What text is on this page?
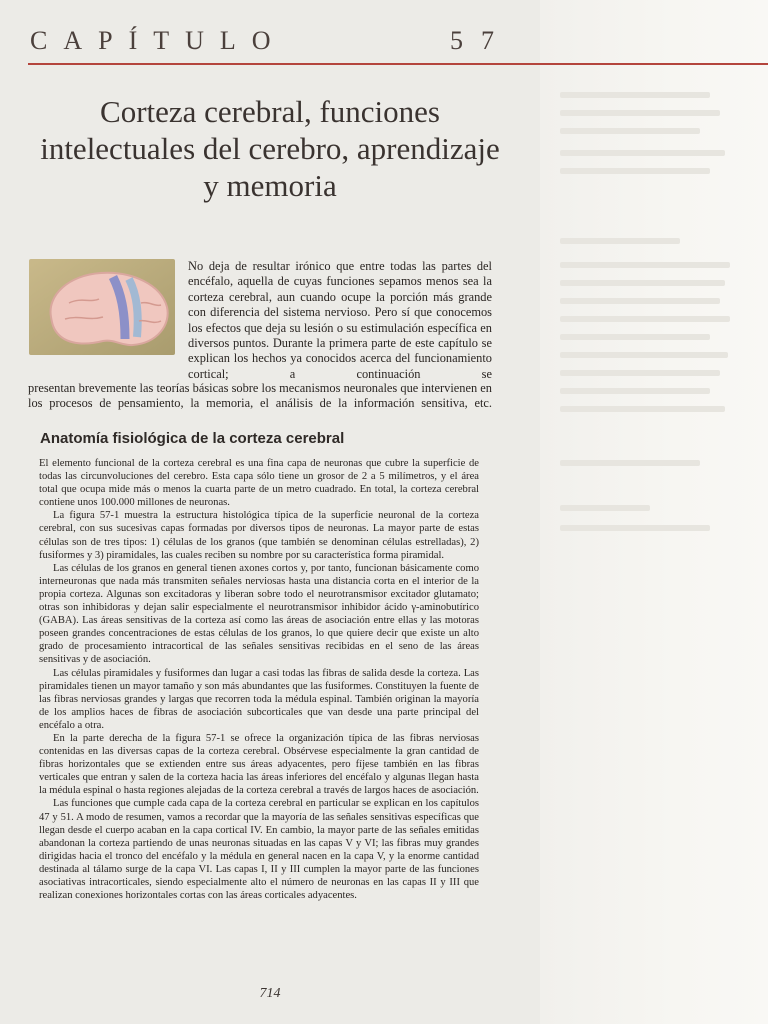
CAPÍTULO	57
Corteza cerebral, funciones intelectuales del cerebro, aprendizaje y memoria

No deja de resultar irónico que entre todas las partes del encéfalo, aquella de cuyas funciones sepamos menos sea la corteza cerebral, aun cuando ocupe la porción más grande con diferencia del sistema nervioso. Pero sí que conocemos los efectos que deja su lesión o su estimulación específica en diversos puntos. Durante la primera parte de este capítulo se explican los hechos ya conocidos acerca del funcionamiento cortical; a continuación se

presentan brevemente las teorías básicas sobre los mecanismos neuronales que intervienen en los procesos de pensamiento, la memoria, el análisis de la información sensitiva, etc.

Anatomía fisiológica de la corteza cerebral

El elemento funcional de la corteza cerebral es una fina capa de neuronas que cubre la superficie de todas las circunvoluciones del cerebro. Esta capa sólo tiene un grosor de 2 a 5 milímetros, y el área total que ocupa mide más o menos la cuarta parte de un metro cuadrado. En total, la corteza cerebral contiene unos 100.000 millones de neuronas.

La figura 57-1 muestra la estructura histológica típica de la superficie neuronal de la corteza cerebral, con sus sucesivas capas formadas por diversos tipos de neuronas. La mayor parte de estas células son de tres tipos: 1) células de los granos (que también se denominan células estrelladas), 2) fusiformes y 3) piramidales, las cuales reciben su nombre por su característica forma piramidal.

Las células de los granos en general tienen axones cortos y, por tanto, funcionan básicamente como interneuronas que nada más transmiten señales nerviosas hasta una distancia corta en el interior de la propia corteza. Algunas son excitadoras y liberan sobre todo el neurotransmisor excitador glutamato; otras son inhibidoras y dejan salir especialmente el neurotransmisor inhibidor ácido γ-aminobutírico (GABA). Las áreas sensitivas de la corteza así como las áreas de asociación entre ellas y las motoras poseen grandes concentraciones de estas células de los granos, lo que quiere decir que existe un alto grado de procesamiento intracortical de las señales sensitivas recibidas en el seno de las áreas sensitivas y de asociación.

Las células piramidales y fusiformes dan lugar a casi todas las fibras de salida desde la corteza. Las piramidales tienen un mayor tamaño y son más abundantes que las fusiformes. Constituyen la fuente de las fibras nerviosas grandes y largas que recorren toda la médula espinal. También originan la mayoría de los amplios haces de fibras de asociación subcorticales que van desde una parte principal del encéfalo a otra.

En la parte derecha de la figura 57-1 se ofrece la organización típica de las fibras nerviosas contenidas en las diversas capas de la corteza cerebral. Obsérvese especialmente la gran cantidad de fibras horizontales que se extienden entre sus áreas adyacentes, pero fíjese también en las fibras verticales que entran y salen de la corteza hacia las áreas inferiores del encéfalo y algunas llegan hasta la médula espinal o hasta regiones alejadas de la corteza cerebral a través de largos haces de asociación.

Las funciones que cumple cada capa de la corteza cerebral en particular se explican en los capítulos 47 y 51. A modo de resumen, vamos a recordar que la mayoría de las señales sensitivas específicas que llegan desde el cuerpo acaban en la capa cortical IV. En cambio, la mayor parte de las señales emitidas abandonan la corteza partiendo de unas neuronas situadas en las capas V y VI; las fibras muy grandes dirigidas hacia el tronco del encéfalo y la médula en general nacen en la capa V, y la enorme cantidad destinada al tálamo surge de la capa VI. Las capas I, II y III cumplen la mayor parte de las funciones asociativas intracorticales, siendo especialmente alto el número de neuronas en las capas II y III que realizan conexiones horizontales cortas con las áreas corticales adyacentes.

714
